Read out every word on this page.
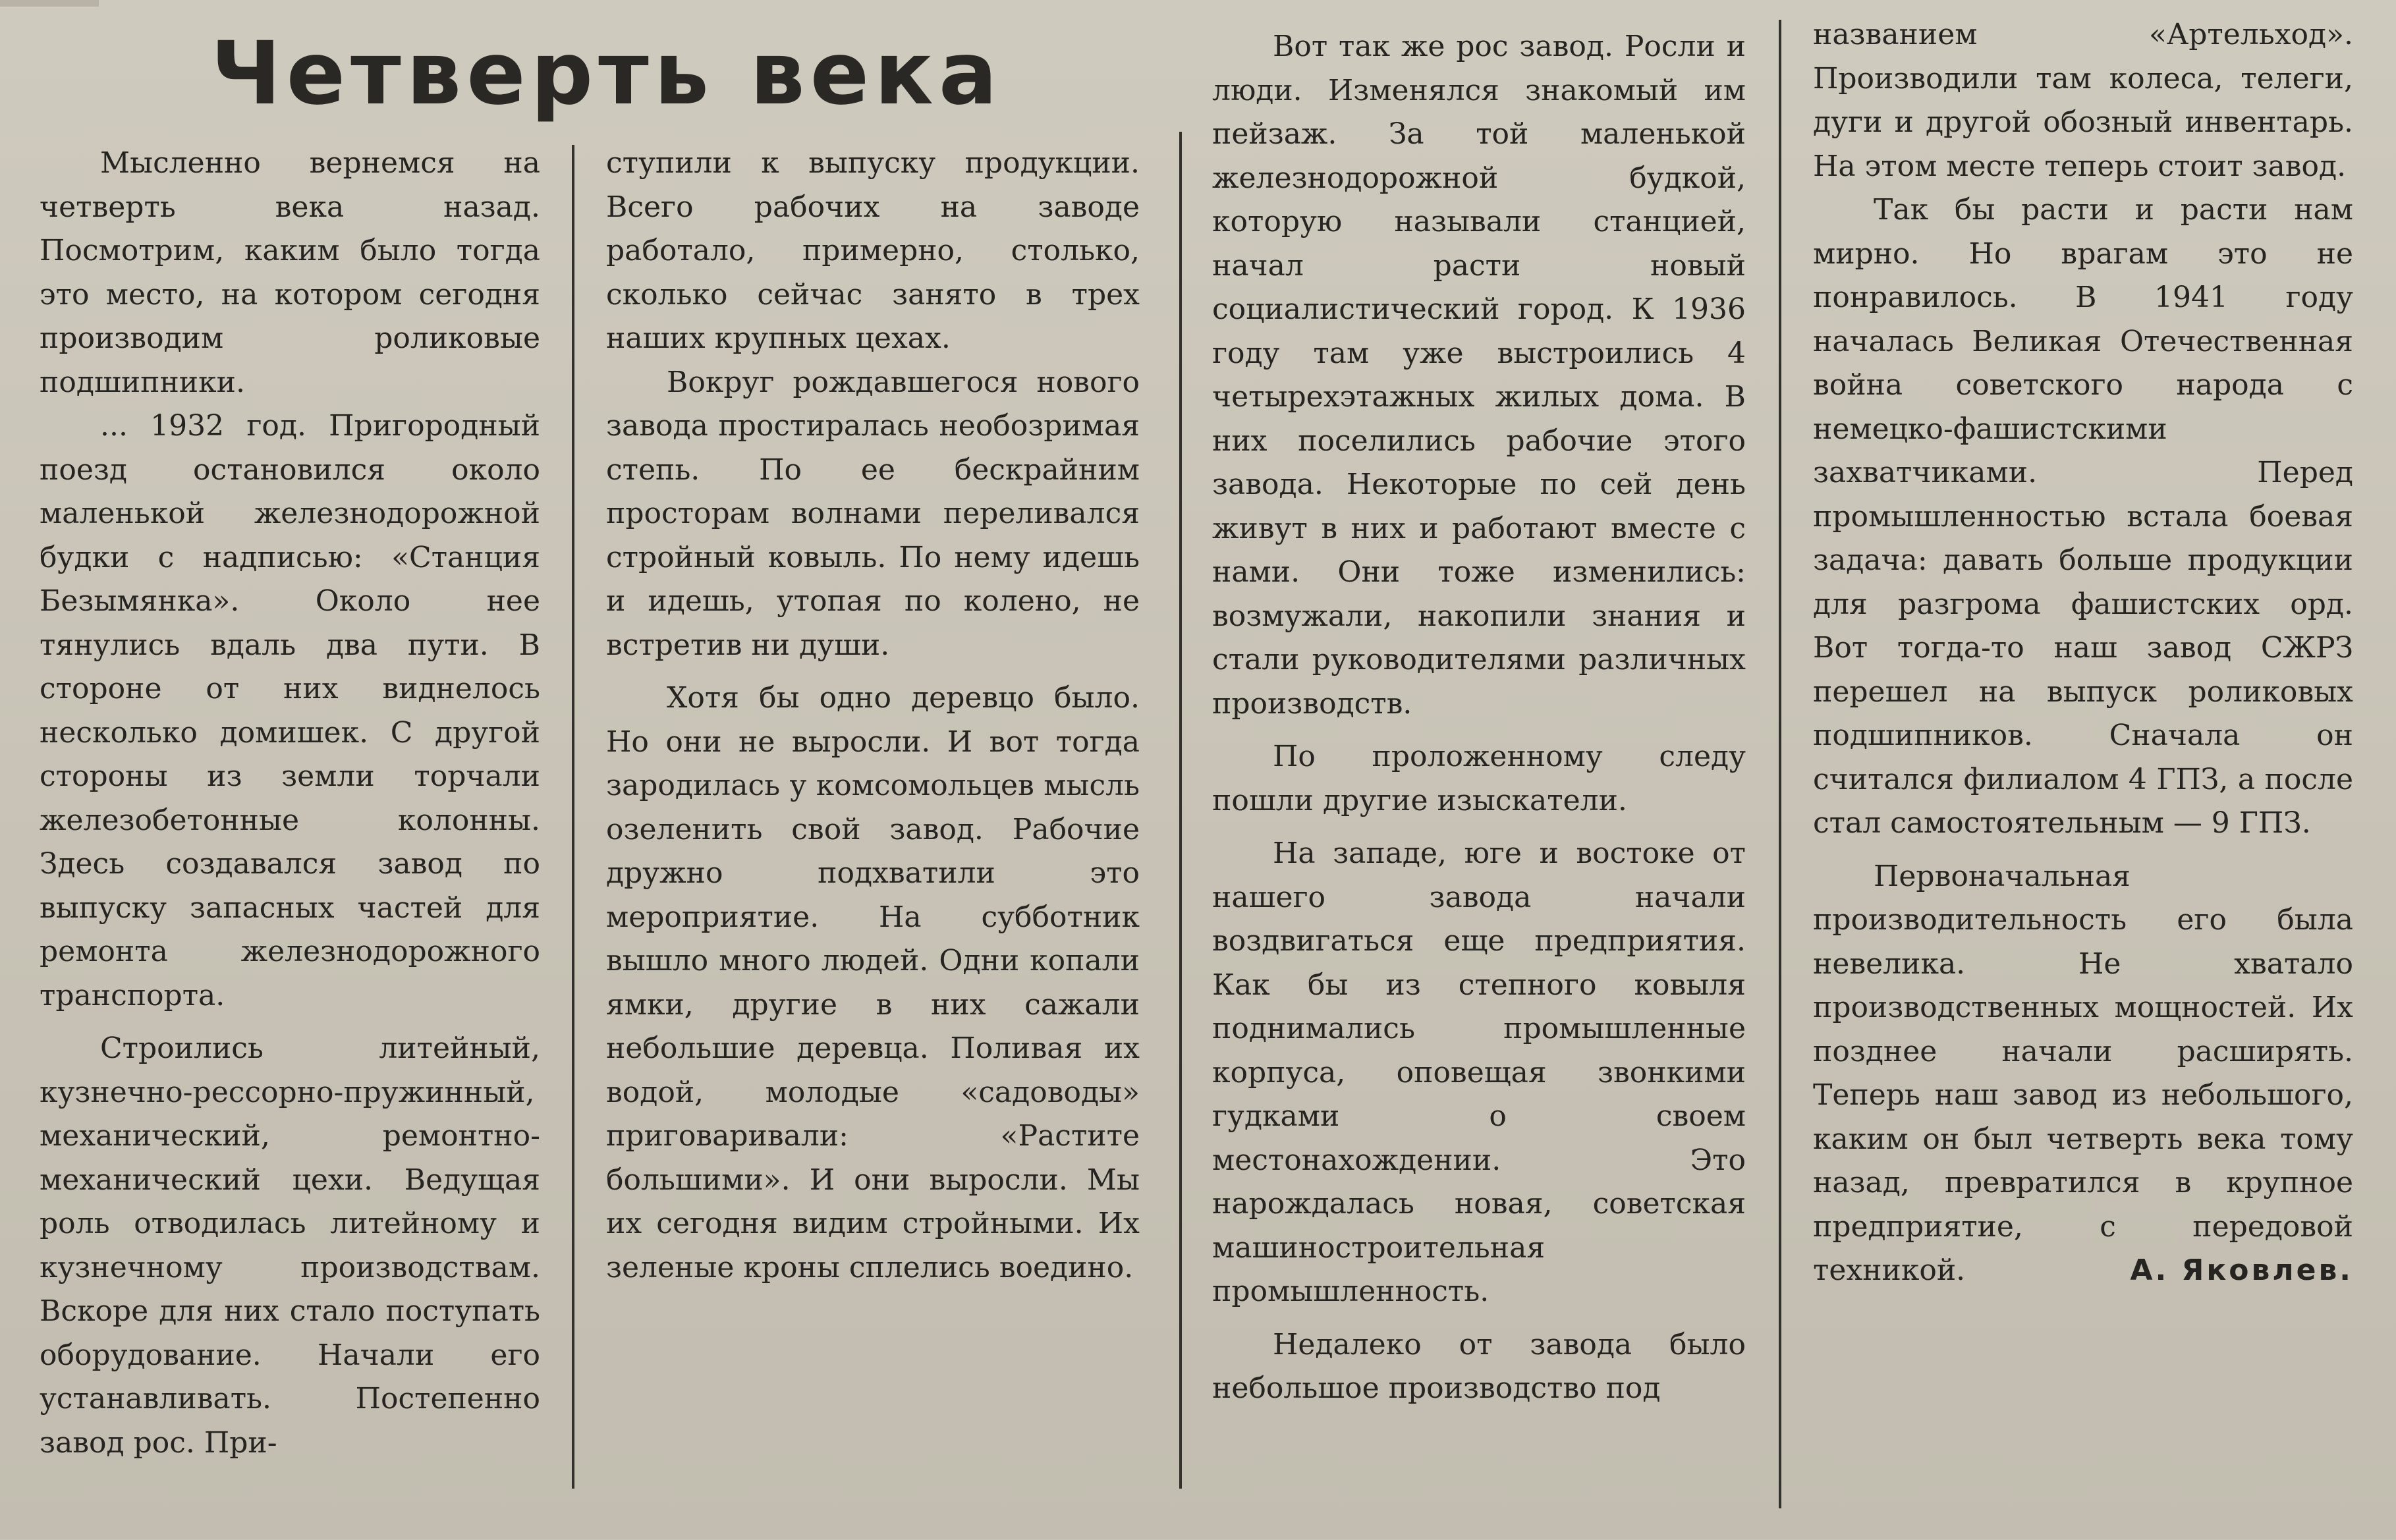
Четверть века

Мысленно вернемся на четверть века назад. Посмотрим, каким было тогда это место, на котором сегодня производим роликовые подшипники.

... 1932 год. Пригородный поезд остановился около маленькой железнодорожной будки с надписью: «Станция Безымянка». Около нее тянулись вдаль два пути. В стороне от них виднелось несколько домишек. С другой стороны из земли торчали железобетонные колонны. Здесь создавался завод по выпуску запасных частей для ремонта железнодорожного транспорта.

Строились литейный, кузнечно-рессорно-пружинный, механический, ремонтно-механический цехи. Ведущая роль отводилась литейному и кузнечному производствам. Вскоре для них стало поступать оборудование. Начали его устанавливать. Постепенно завод рос. При-

ступили к выпуску продукции. Всего рабочих на заводе работало, примерно, столько, сколько сейчас занято в трех наших крупных цехах.

Вокруг рождавшегося нового завода простиралась необозримая степь. По ее бескрайним просторам волнами переливался стройный ковыль. По нему идешь и идешь, утопая по колено, не встретив ни души.

Хотя бы одно деревцо было. Но они не выросли. И вот тогда зародилась у комсомольцев мысль озеленить свой завод. Рабочие дружно подхватили это мероприятие. На субботник вышло много людей. Одни копали ямки, другие в них сажали небольшие деревца. Поливая их водой, молодые «садоводы» приговаривали: «Растите большими». И они выросли. Мы их сегодня видим стройными. Их зеленые кроны сплелись воедино.

Вот так же рос завод. Росли и люди. Изменялся знакомый им пейзаж. За той маленькой железнодорожной будкой, которую называли станцией, начал расти новый социалистический город. К 1936 году там уже выстроились 4 четырехэтажных жилых дома. В них поселились рабочие этого завода. Некоторые по сей день живут в них и работают вместе с нами. Они тоже изменились: возмужали, накопили знания и стали руководителями различных производств.

По проложенному следу пошли другие изыскатели.

На западе, юге и востоке от нашего завода начали воздвигаться еще предприятия. Как бы из степного ковыля поднимались промышленные корпуса, оповещая звонкими гудками о своем местонахождении. Это нарождалась новая, советская машиностроительная промышленность.

Недалеко от завода было небольшое производство под

названием «Артельход». Производили там колеса, телеги, дуги и другой обозный инвентарь. На этом месте теперь стоит завод.

Так бы расти и расти нам мирно. Но врагам это не понравилось. В 1941 году началась Великая Отечественная война советского народа с немецко-фашистскими захватчиками. Перед промышленностью встала боевая задача: давать больше продукции для разгрома фашистских орд. Вот тогда-то наш завод СЖРЗ перешел на выпуск роликовых подшипников. Сначала он считался филиалом 4 ГПЗ, а после стал самостоятельным — 9 ГПЗ.

Первоначальная производительность его была невелика. Не хватало производственных мощностей. Их позднее начали расширять. Теперь наш завод из небольшого, каким он был четверть века тому назад, превратился в крупное предприятие, с передовой техникой.	А. Яковлев.
